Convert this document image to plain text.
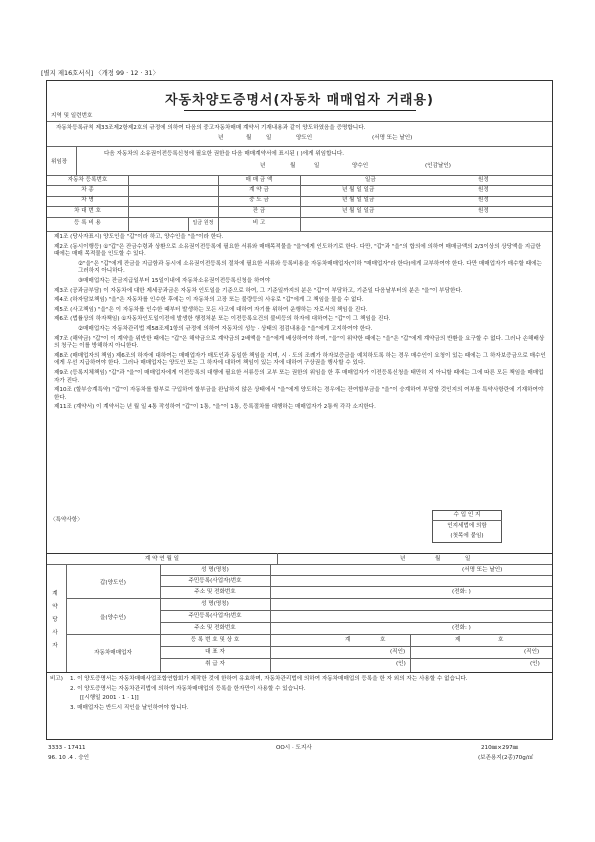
[별지 제16호서식] 〈개정 99 · 12 · 31〉
자동차양도증명서(자동차 매매업자 거래용)
지역 및 일련번호
자동차등록규칙 제33조제2항제2호의 규정에 의하여 다음의 중고자동차매매 계약서 기재내용과 같이 양도하였음을 증명합니다.
년	월	일	양도인	(서명 또는 날인)
위임장
다음 자동차의 소유권이전등록신청에 필요한 권한을 다음 매매계약서에 표시된 ( )에게 위임합니다.
년	월	일	양수인	(인감날인)
자동차 등록번호	매 매 금 액	일금	원정
차 종	계 약 금	년 월 일 일금	원정
차 명	중 도 금	년 월 일 일금	원정
차 대 번 호	잔 금	년 월 일 일금	원정
등 록 비 용	일금 원정	비 고

제1조 (당사자표시) 양도인을 "갑"이라 하고, 양수인을 "을"이라 한다.

제2조 (동시이행등) ①"갑"은 잔금수령과 상환으로 소유권이전등록에 필요한 서류와 매매목적물을 "을"에게 인도하기로 한다. 다만, "갑"과 "을"의 합의에 의하여 매매금액의 2/3이상의 상당액을 지급한 때에는 매매 목적물을 인도할 수 있다.

②"을"은 "갑"에게 잔금을 지급함과 동시에 소유권이전등록의 절차에 필요한 서류와 등록비용을 자동차매매업자(이하 "매매업자"라 한다)에게 교부하여야 한다. 다만 매매업자가 매수할 때에는 그러하지 아니하다.

③매매업자는 잔금지급일부터 15일이내에 자동차소유권이전등록신청을 하여야

제3조 (공과금부담) 이 자동차에 대한 제세공과금은 자동차 인도일을 기준으로 하여, 그 기준일까지의 분은 "갑"이 부담하고, 기준일 다음날부터의 분은 "을"이 부담한다.

제4조 (하자담보책임) "을"은 자동차를 인수한 후에는 이 자동차의 고장 또는 불량등의 사유로 "갑"에게 그 책임을 물을 수 없다.

제5조 (사고책임) "을"은 이 자동차를 인수한 때부터 발생하는 모든 사고에 대하여 자기를 위하여 운행하는 자로서의 책임을 진다.

제6조 (법률상의 하자책임) ①자동차인도일이전에 발생한 행정처분 또는 이전등록요건의 불비등의 하자에 대하여는 "갑"이 그 책임을 진다.

②매매업자는 자동차관리법 제58조제1항의 규정에 의하여 자동차의 성능 · 상태의 점검내용을 "을"에게 고지하여야 한다.

제7조 (해약금) "갑"이 이 계약을 위반한 때에는 "갑"은 해약금으로 계약금의 2배액을 "을"에게 배상하여야 하며, "을"이 위약한 때에는 "을"은 "갑"에게 계약금의 반환을 요구할 수 없다. 그러나 손해배상의 청구는 이를 방해하지 아니한다.

제8조 (매매업자의 책임) 제6조의 하자에 대하여는 매매업자가 매도인과 동일한 책임을 지며, 시 · 도의 조례가 하자보증금을 예치하도록 하는 경우 매수인이 요청이 있는 때에는 그 하자보증금으로 매수인에게 우선 지급하여야 한다. 그러나 매매업자는 양도인 또는 그 하자에 대하여 책임이 있는 자에 대하여 구상권을 행사할 수 있다.

제9조 (등록지체책임) "갑"과 "을"이 매매업자에게 이전등록의 대행에 필요한 서류등의 교부 또는 권한의 위임을 한 후 매매업자가 이전등록신청을 태만히 지 아니할 때에는 그에 따른 모든 책임을 매매업자가 진다.

제10조 (할부승계특약) "갑"이 자동차를 할부로 구입하여 할부금을 완납하지 않은 상태에서 "을"에게 양도하는 경우에는 잔여할부금을 "을"이 승계하여 부담할 것인지의 여부를 특약사항란에 기재하여야 한다.

제11조 (계약서) 이 계약서는 년 월 일 4통 작성하여 "갑"이 1통, "을"이 1통, 등록절차를 대행하는 매매업자가 2통씩 각각 소지한다.

〈특약사항〉
수 입 인 지
인지세법에 의함
(첫목에 붙임)
계 약 연 월 일	년	월	일
계약당사자
갑(양도인)
성 명(명칭)	(서명 또는 날인)
주민등록(사업자)번호
주소 및 전화번호	(전화: )
을(양수인)
성 명(명칭)
주민등록(사업자)번호
주소 및 전화번호	(전화: )
자동차매매업자
등 록 번 호 및 상 호	계	호	제	호
대 표 자	(직인)	(직인)
취 급 자	(인)	(인)
비고) 1. 이 양도증명서는 자동차매매사업조합연합회가 제작한 것에 한하여 유효하며, 자동차관리법에 의하여 자동차매매업의 등록을 한 자 외의 자는 사용할 수 없습니다.

2. 이 양도증명서는 자동차관리법에 의하여 자동차매매업의 등록을 한자만이 사용할 수 있습니다.

[[시행일 2001 · 1 · 1]]

3. 매매업자는 반드시 직인을 날인하여야 합니다.

3333 - 17411	OO시 · 도지사	210㎜×297㎜
96. 10 .4 . 승인	(보존용지(2종)70g/㎡
